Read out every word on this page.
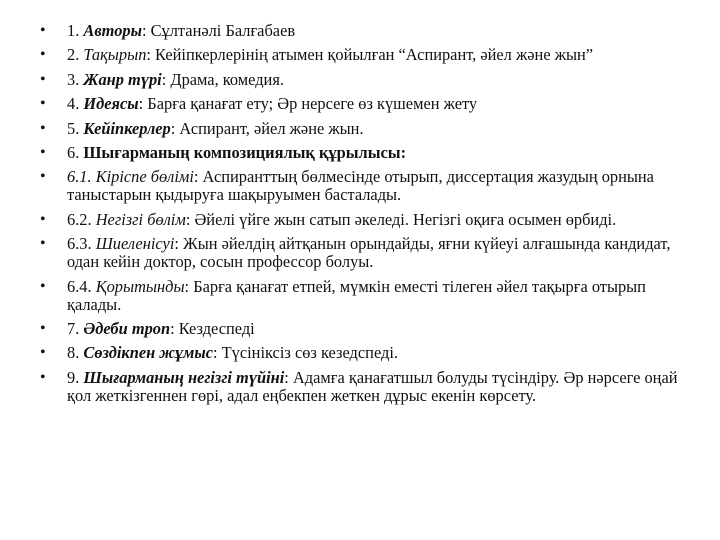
• 1. Авторы: Сұлтанəлі Балғабаев
• 2. Тақырып: Кейіпкерлерінің атымен қойылған “Аспирант, əйел жəне жын”
• 3. Жанр түрі: Драма, комедия.
• 4. Идеясы: Барға қанағат ету; Əр нерсеге өз күшемен жету
• 5. Кейіпкерлер: Аспирант, əйел жəне жын.
• 6. Шығарманың композициялық құрылысы:
• 6.1. Кіріспе бөлімі: Аспиранттың бөлмесінде отырып, диссертация жазудың орнына таныстарын қыдыруға шақыруымен басталады.
• 6.2. Негізгі бөлім: Əйелі үйге жын сатып əкеледі. Негізгі оқиға осымен өрбиді.
• 6.3. Шиеленісуі: Жын əйелдің айтқанын орындайды, яғни күйеуі алғашында кандидат, одан кейін доктор, сосын профессор болуы.
• 6.4. Қорытынды: Барға қанағат етпей, мүмкін еместі тілеген əйел тақырға отырып қалады.
• 7. Əдеби троп: Кездеспеді
• 8. Сөздікпен жұмыс: Түсініксіз сөз кезедспеді.
• 9. Шығарманың негізгі түйіні: Адамға қанағатшыл болуды түсіндіру. Əр нəрсеге оңай қол жеткізгеннен гөрі, адал еңбекпен жеткен дұрыс екенін көрсету.
